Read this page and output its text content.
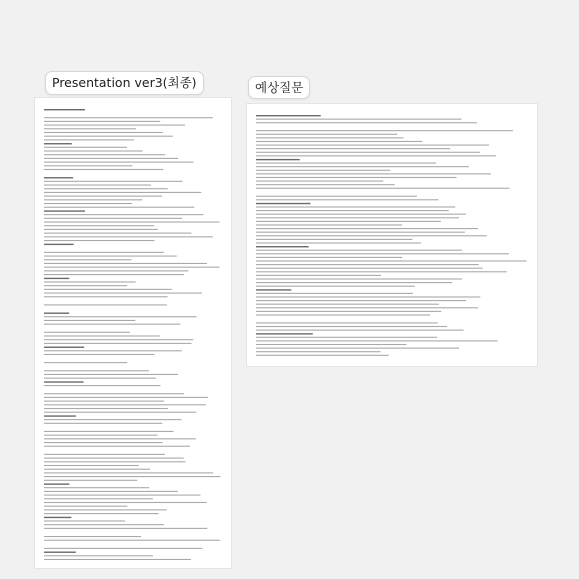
Presentation ver3(최종)	예상질문
